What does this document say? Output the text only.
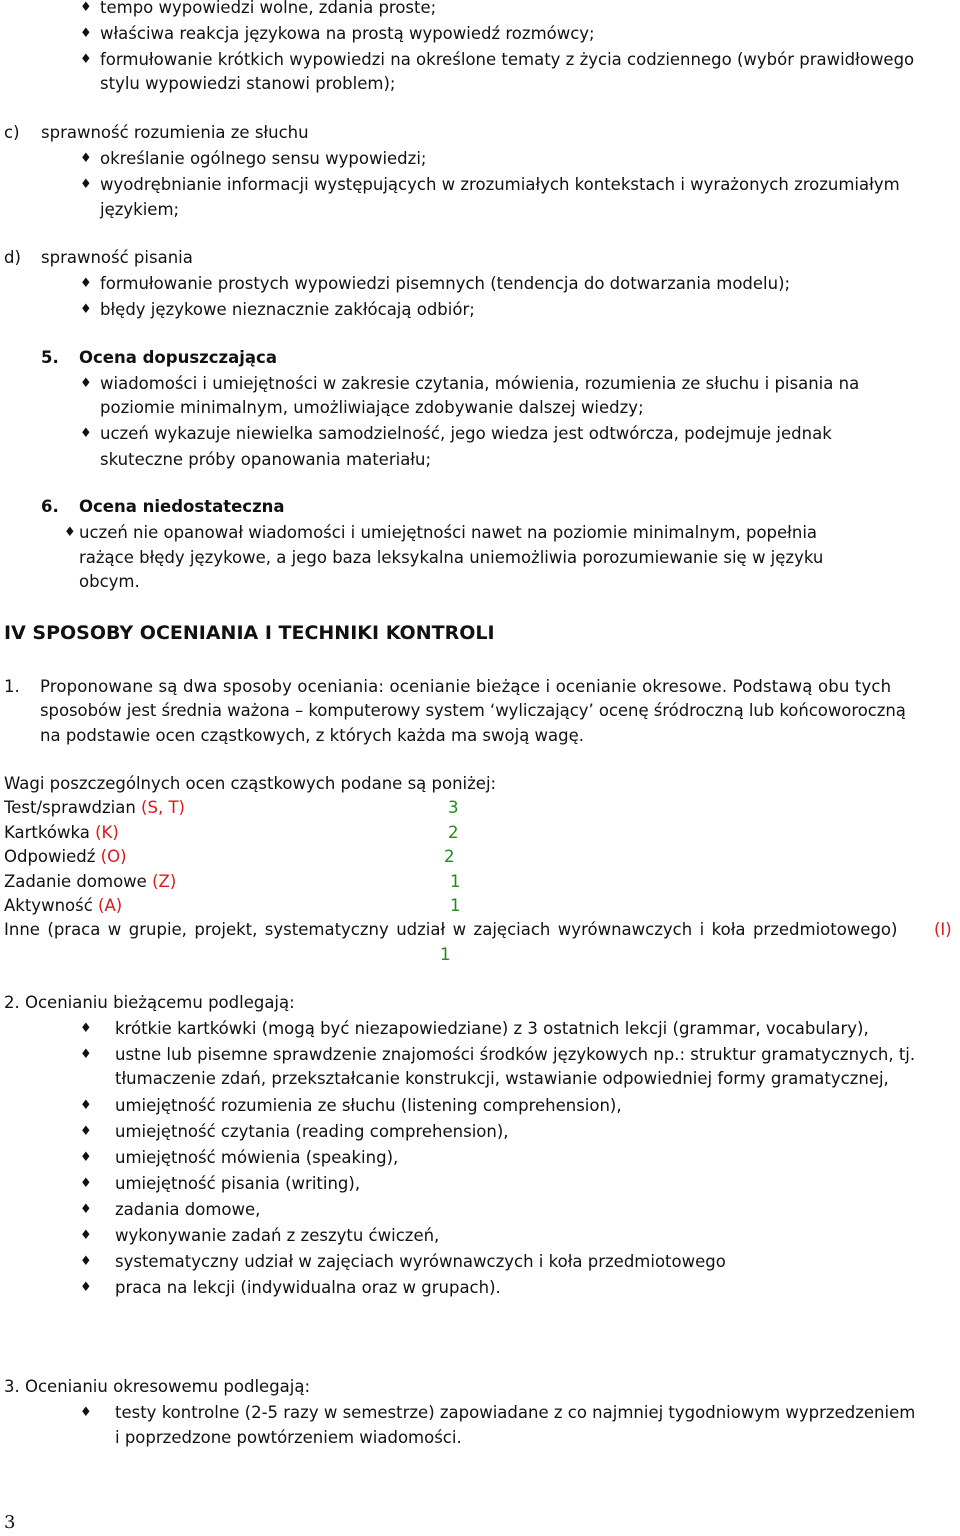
♦ tempo wypowiedzi wolne, zdania proste;
♦ właściwa reakcja językowa na prostą wypowiedź rozmówcy;
♦ formułowanie krótkich wypowiedzi na określone tematy z życia codziennego (wybór prawidłowego
stylu wypowiedzi stanowi problem);
c) sprawność rozumienia ze słuchu
♦ określanie ogólnego sensu wypowiedzi;
♦ wyodrębnianie informacji występujących w zrozumiałych kontekstach i wyrażonych zrozumiałym
językiem;
d) sprawność pisania
♦ formułowanie prostych wypowiedzi pisemnych (tendencja do dotwarzania modelu);
♦ błędy językowe nieznacznie zakłócają odbiór;
5. Ocena dopuszczająca
♦ wiadomości i umiejętności w zakresie czytania, mówienia, rozumienia ze słuchu i pisania na
poziomie minimalnym, umożliwiające zdobywanie dalszej wiedzy;
♦ uczeń wykazuje niewielka samodzielność, jego wiedza jest odtwórcza, podejmuje jednak
skuteczne próby opanowania materiału;
6. Ocena niedostateczna
♦ uczeń nie opanował wiadomości i umiejętności nawet na poziomie minimalnym, popełnia
rażące błędy językowe, a jego baza leksykalna uniemożliwia porozumiewanie się w języku
obcym.
IV SPOSOBY OCENIANIA I TECHNIKI KONTROLI
1. Proponowane są dwa sposoby oceniania: ocenianie bieżące i ocenianie okresowe. Podstawą obu tych
sposobów jest średnia ważona – komputerowy system ‘wyliczający’ ocenę śródroczną lub końcoworoczną
na podstawie ocen cząstkowych, z których każda ma swoją wagę.
Wagi poszczególnych ocen cząstkowych podane są poniżej:
Test/sprawdzian (S, T)	3
Kartkówka (K)	2
Odpowiedź (O)	2
Zadanie domowe (Z)	1
Aktywność (A)	1
Inne (praca w grupie, projekt, systematyczny udział w zajęciach wyrównawczych i koła przedmiotowego) (I)
1
2. Ocenianiu bieżącemu podlegają:
♦ krótkie kartkówki (mogą być niezapowiedziane) z 3 ostatnich lekcji (grammar, vocabulary),
♦ ustne lub pisemne sprawdzenie znajomości środków językowych np.: struktur gramatycznych, tj.
tłumaczenie zdań, przekształcanie konstrukcji, wstawianie odpowiedniej formy gramatycznej,
♦ umiejętność rozumienia ze słuchu (listening comprehension),
♦ umiejętność czytania (reading comprehension),
♦ umiejętność mówienia (speaking),
♦ umiejętność pisania (writing),
♦ zadania domowe,
♦ wykonywanie zadań z zeszytu ćwiczeń,
♦ systematyczny udział w zajęciach wyrównawczych i koła przedmiotowego
♦ praca na lekcji (indywidualna oraz w grupach).
3. Ocenianiu okresowemu podlegają:
♦ testy kontrolne (2-5 razy w semestrze) zapowiadane z co najmniej tygodniowym wyprzedzeniem
i poprzedzone powtórzeniem wiadomości.
3
